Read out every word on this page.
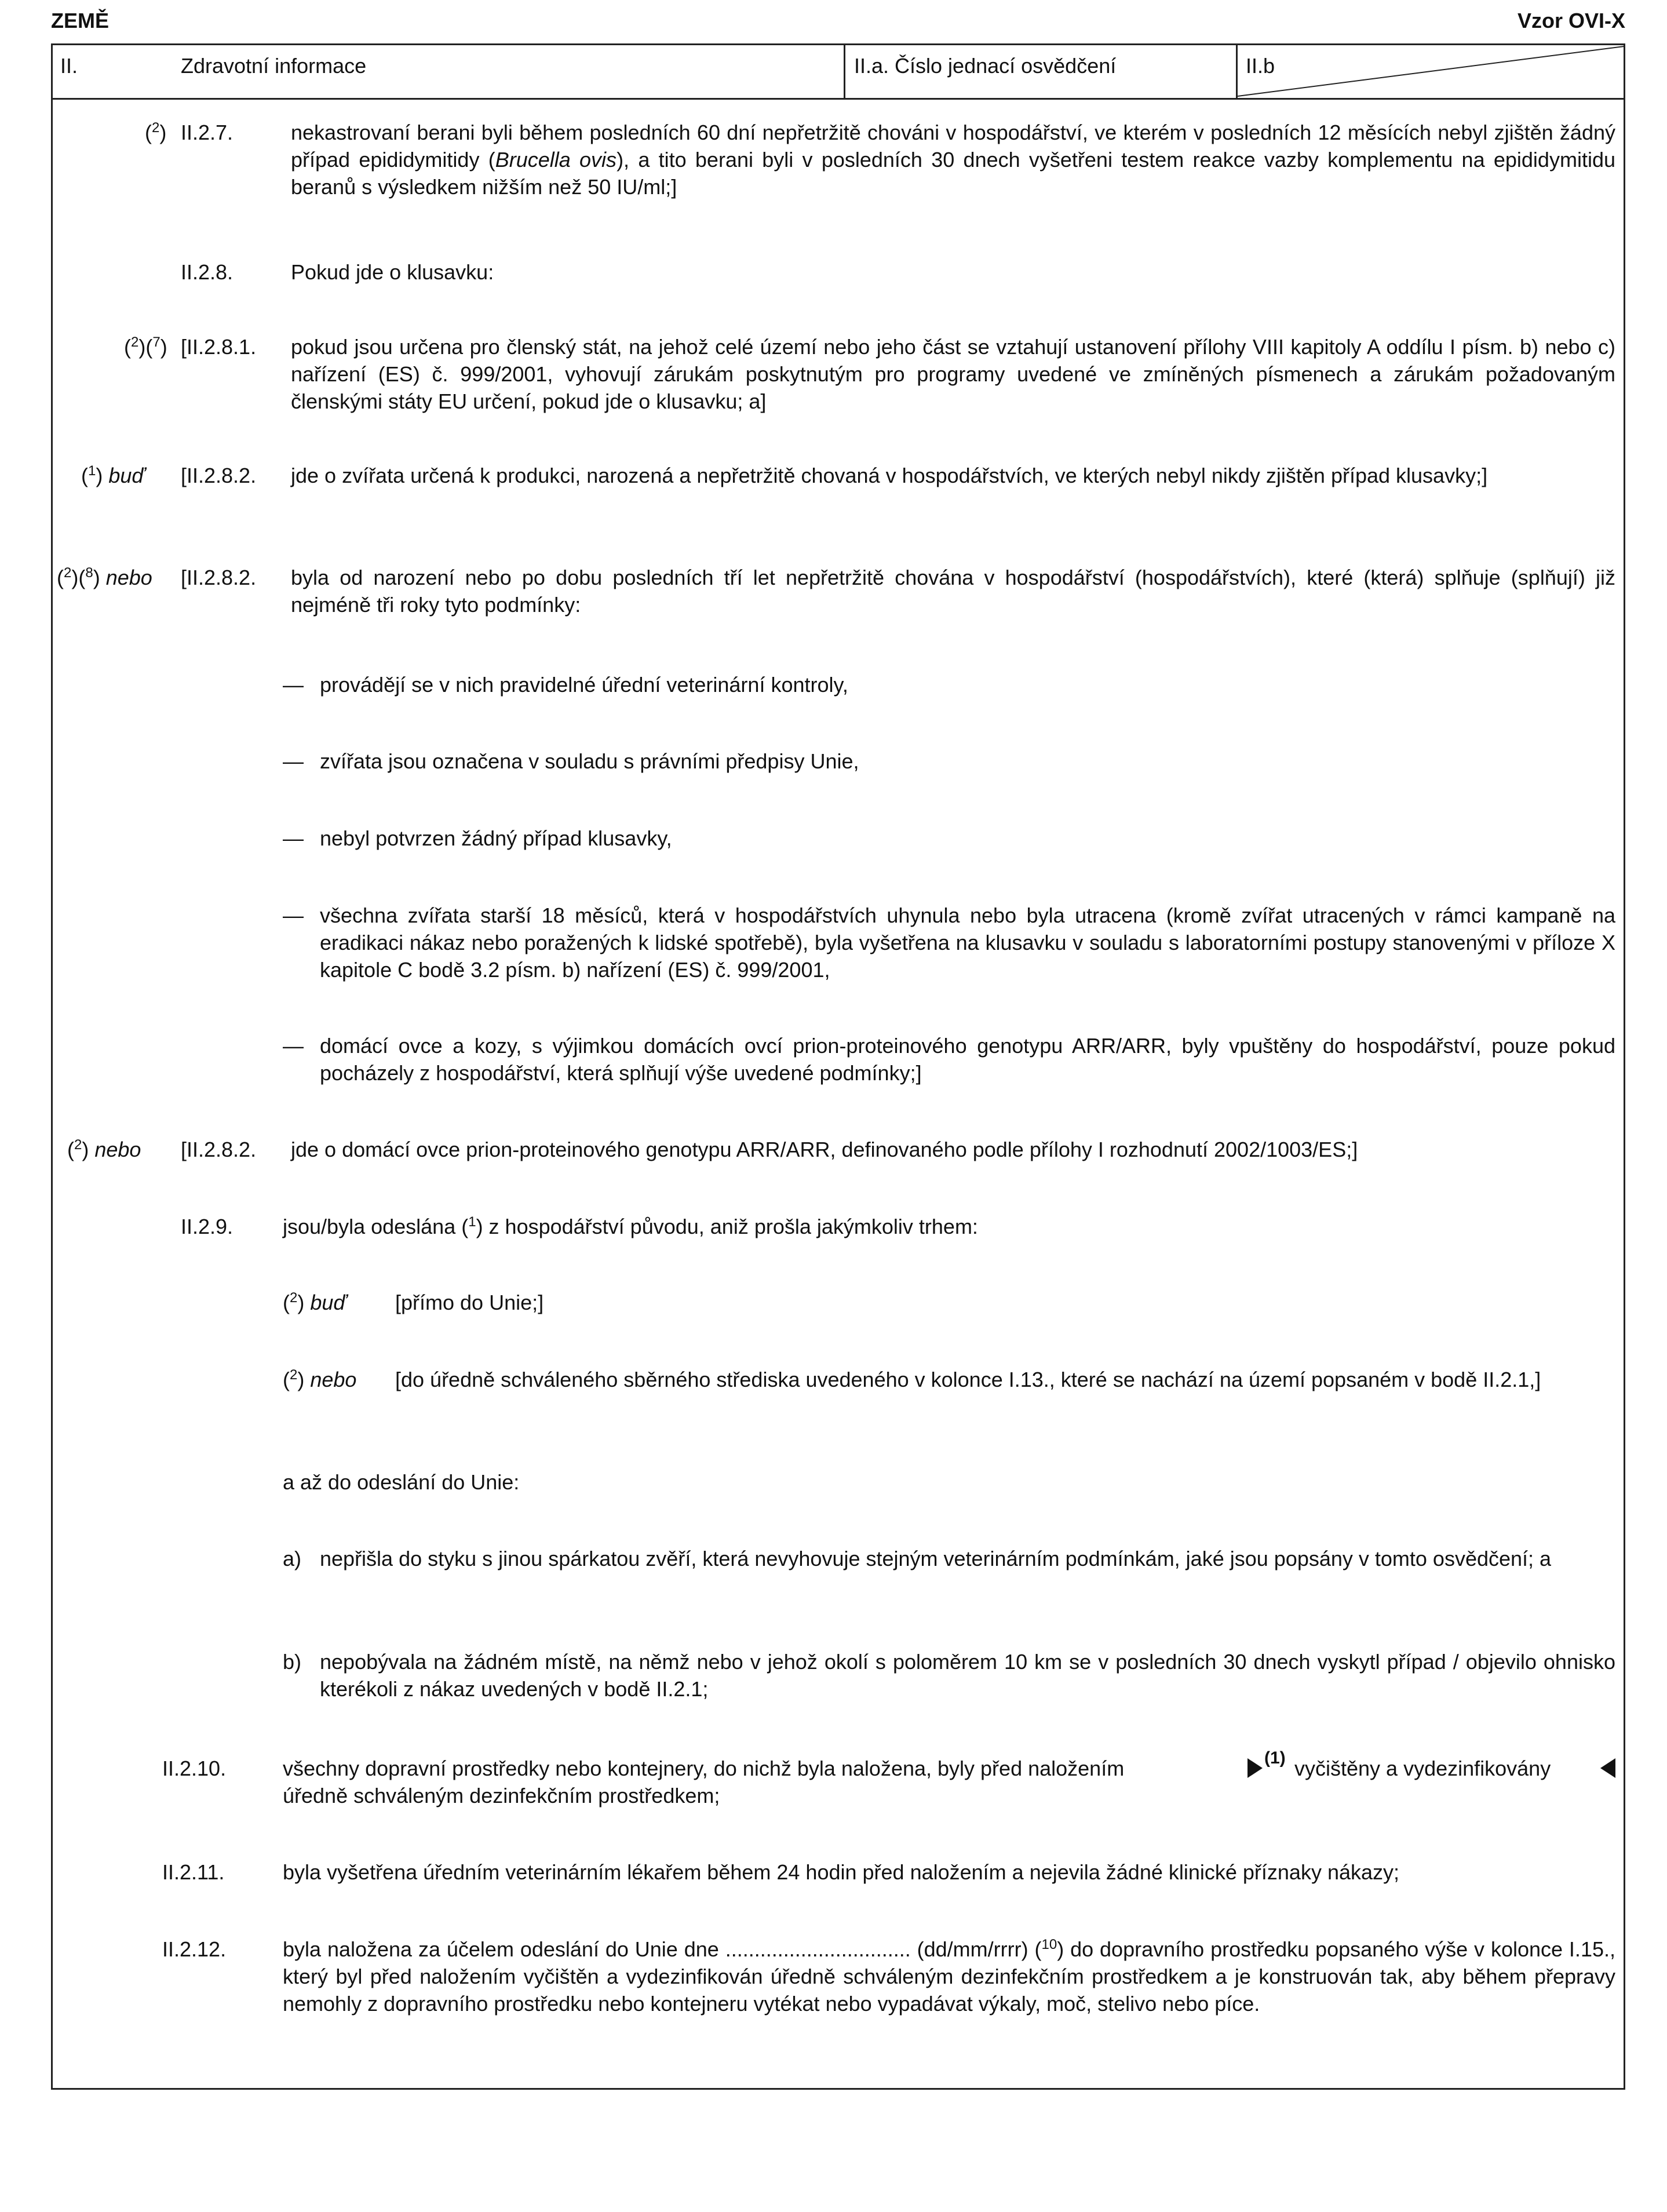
ZEMĚ	Vzor OVI-X
II.	Zdravotní informace	II.a. Číslo jednací osvědčení	II.b
($^2$) II.2.7.	nekastrovaní berani byli během posledních 60 dní nepřetržitě chováni v hospodářství, ve kterém v posledních 12 měsících nebyl zjištěn žádný případ epididymitidy (Brucella ovis), a tito berani byli v posledních 30 dnech vyšetřeni testem reakce vazby komplementu na epididymitidu beranů s výsledkem nižším než 50 IU/ml;]
II.2.8.	Pokud jde o klusavku:
($^2$)($^7$) [II.2.8.1. pokud jsou určena pro členský stát, na jehož celé území nebo jeho část se vztahují ustanovení přílohy VIII kapitoly A oddílu I písm. b) nebo c) nařízení (ES) č. 999/2001, vyhovují zárukám poskytnutým pro programy uvedené ve zmíněných písmenech a zárukám požadovaným členskými státy EU určení, pokud jde o klusavku; a]
($^1$) buď [II.2.8.2. jde o zvířata určená k produkci, narozená a nepřetržitě chovaná v hospodářstvích, ve kterých nebyl nikdy zjištěn případ klusavky;]
($^2$)($^8$) nebo [II.2.8.2. byla od narození nebo po dobu posledních tří let nepřetržitě chována v hospodářství (hospodářstvích), které (která) splňuje (splňují) již nejméně tři roky tyto podmínky:
— provádějí se v nich pravidelné úřední veterinární kontroly,
— zvířata jsou označena v souladu s právními předpisy Unie,
— nebyl potvrzen žádný případ klusavky,
— všechna zvířata starší 18 měsíců, která v hospodářstvích uhynula nebo byla utracena (kromě zvířat utracených v rámci kampaně na eradikaci nákaz nebo poražených k lidské spotřebě), byla vyšetřena na klusavku v souladu s laboratorními postupy stanovenými v příloze X kapitole C bodě 3.2 písm. b) nařízení (ES) č. 999/2001,
— domácí ovce a kozy, s výjimkou domácích ovcí prion-proteinového genotypu ARR/ARR, byly vpuštěny do hospodářství, pouze pokud pocházely z hospodářství, která splňují výše uvedené podmínky;]
($^2$) nebo [II.2.8.2. jde o domácí ovce prion-proteinového genotypu ARR/ARR, definovaného podle přílohy I rozhodnutí 2002/1003/ES;]
II.2.9. jsou/byla odeslána ($^1$) z hospodářství původu, aniž prošla jakýmkoliv trhem:
($^2$) buď [přímo do Unie;]
($^2$) nebo [do úředně schváleného sběrného střediska uvedeného v kolonce I.13., které se nachází na území popsaném v bodě II.2.1,]
a až do odeslání do Unie:
a) nepřišla do styku s jinou spárkatou zvěří, která nevyhovuje stejným veterinárním podmínkám, jaké jsou popsány v tomto osvědčení; a
b) nepobývala na žádném místě, na němž nebo v jehož okolí s poloměrem 10 km se v posledních 30 dnech vyskytl případ / objevilo ohnisko kterékoli z nákaz uvedených v bodě II.2.1;
II.2.10.	všechny dopravní prostředky nebo kontejnery, do nichž byla naložena, byly před naložením	(1) vyčištěny a vydezinfikovány
úředně schváleným dezinfekčním prostředkem;
II.2.11.	byla vyšetřena úředním veterinárním lékařem během 24 hodin před naložením a nejevila žádné klinické příznaky nákazy;
II.2.12.	byla naložena za účelem odeslání do Unie dne ................................ (dd/mm/rrrr) ($^{10}$) do dopravního prostředku popsaného výše v kolonce I.15., který byl před naložením vyčištěn a vydezinfikován úředně schváleným dezinfekčním prostředkem a je konstruován tak, aby během přepravy nemohly z dopravního prostředku nebo kontejneru vytékat nebo vypadávat výkaly, moč, stelivo nebo píce.
